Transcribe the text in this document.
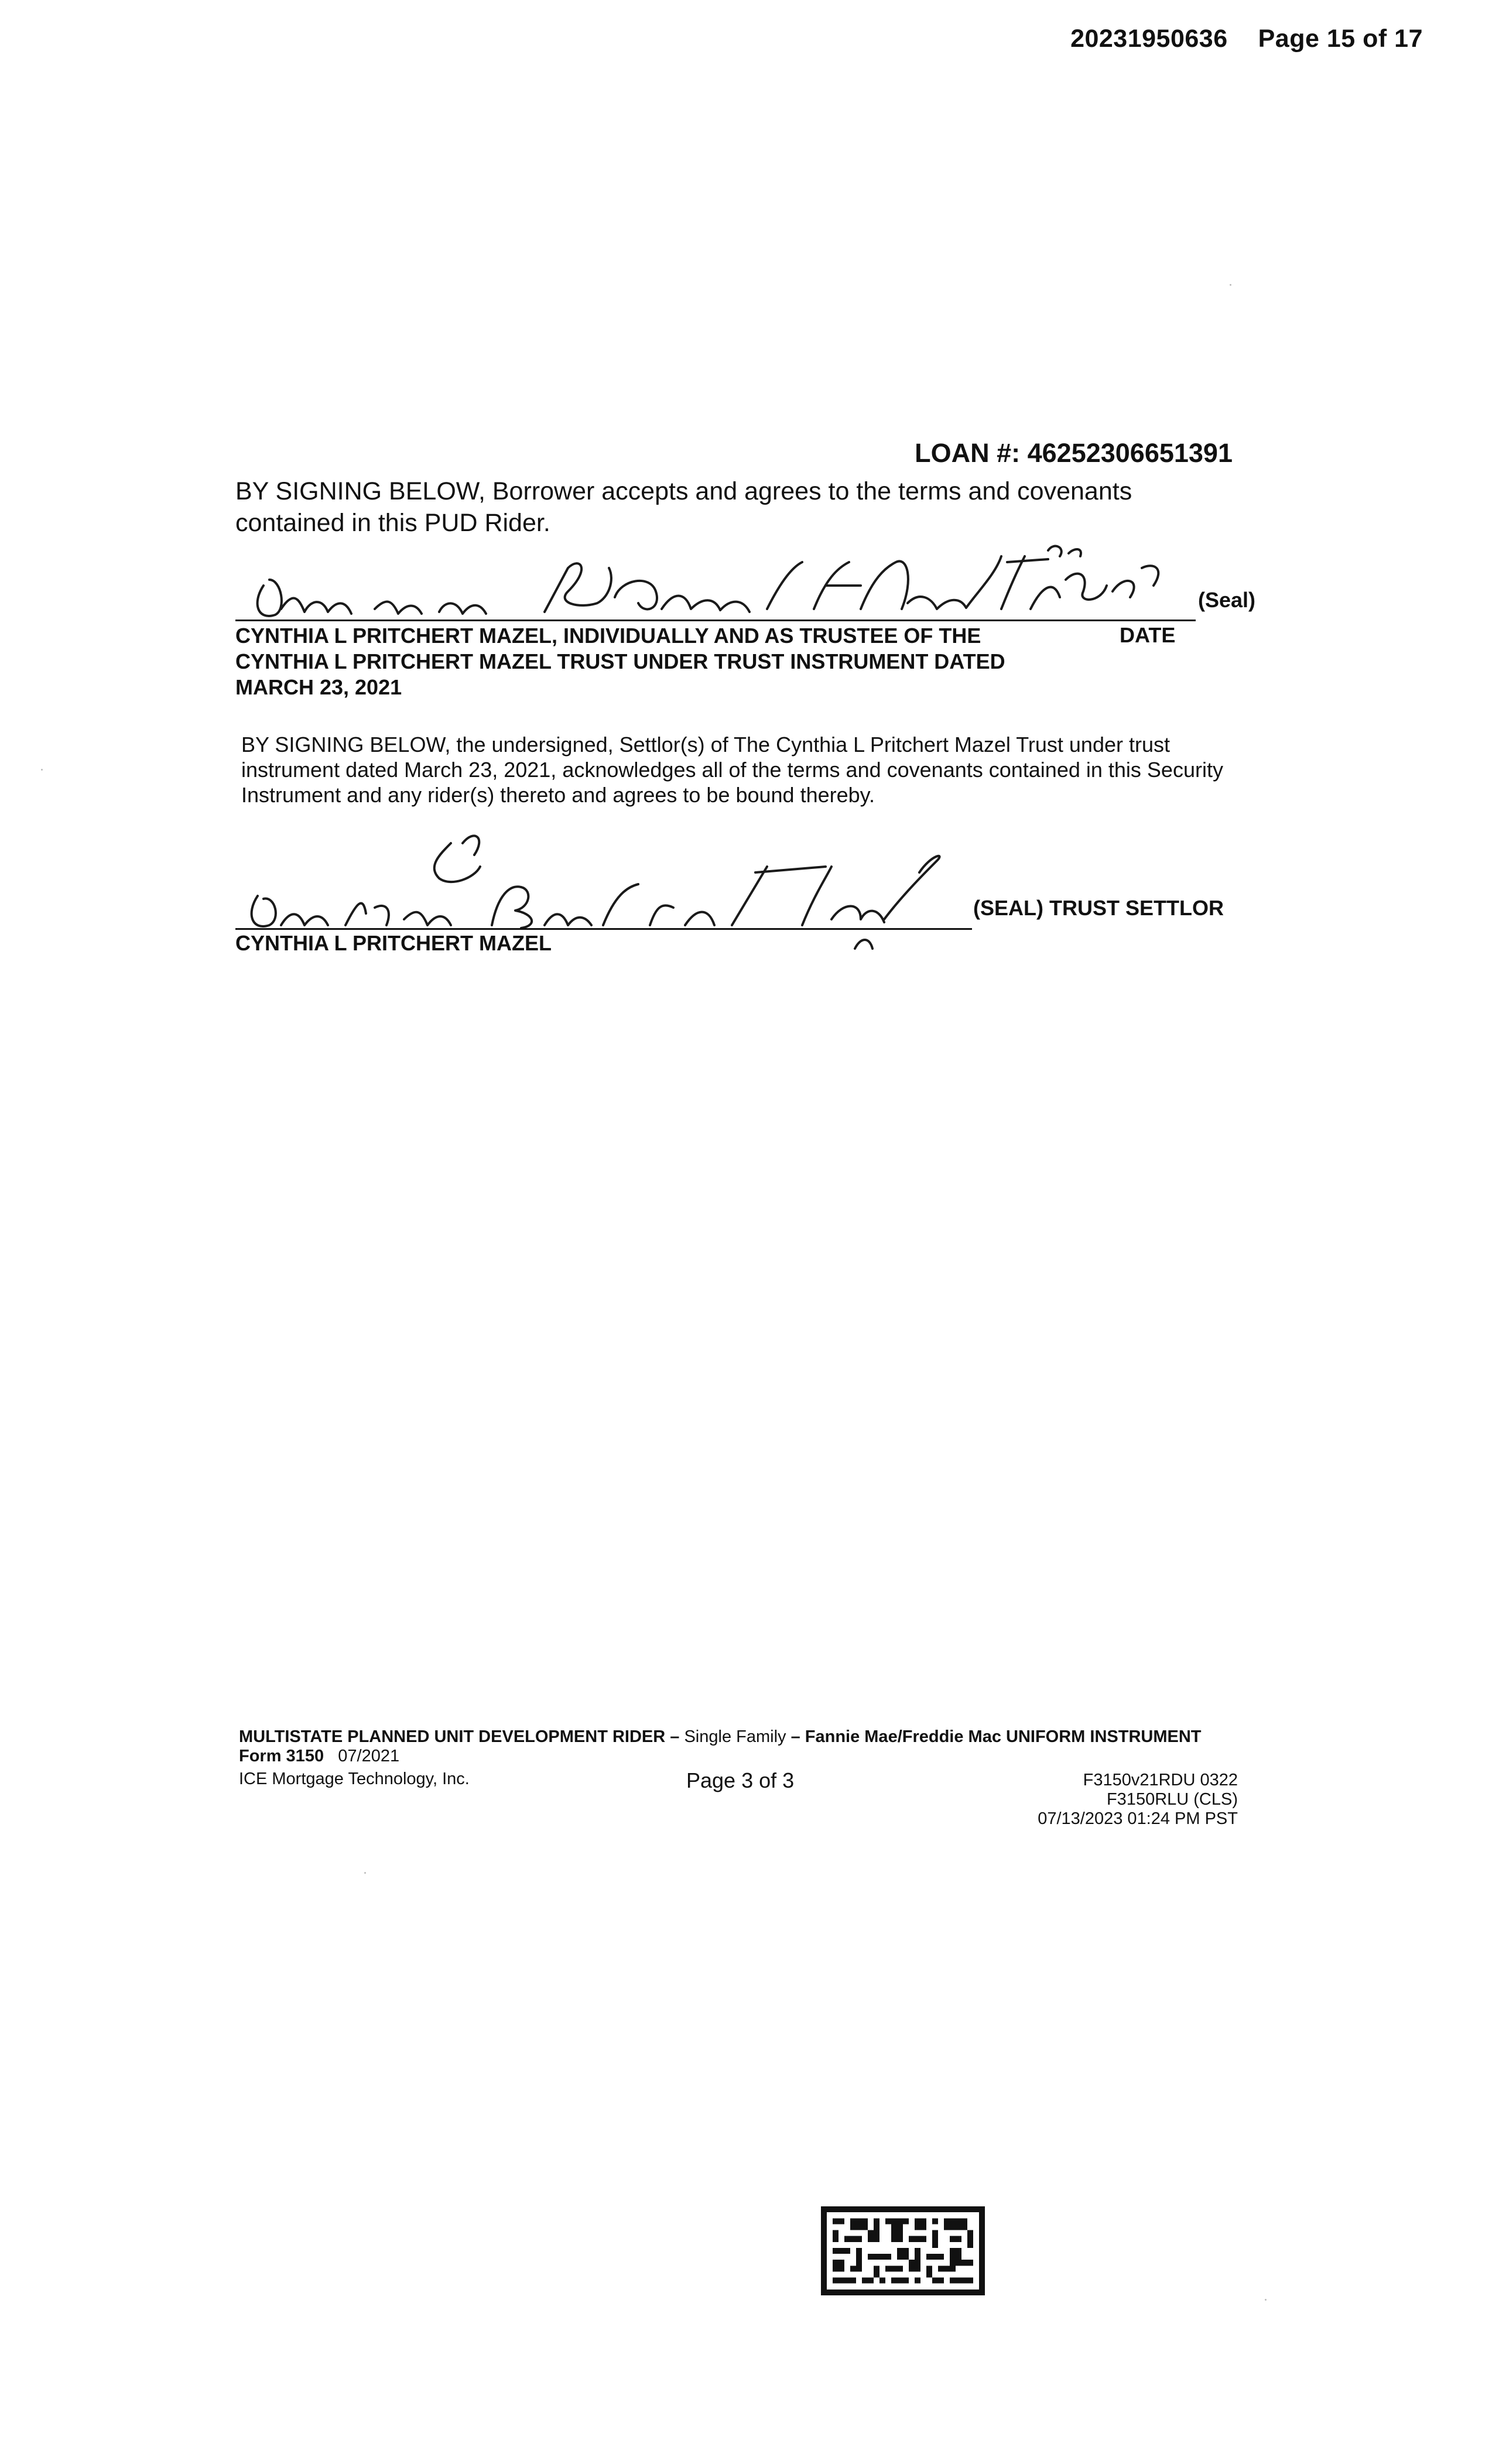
20231950636 Page 15 of 17
LOAN #: 46252306651391
BY SIGNING BELOW, Borrower accepts and agrees to the terms and covenants contained in this PUD Rider.
(Seal)
CYNTHIA L PRITCHERT MAZEL, INDIVIDUALLY AND AS TRUSTEE OF THE
CYNTHIA L PRITCHERT MAZEL TRUST UNDER TRUST INSTRUMENT DATED
MARCH 23, 2021
DATE
BY SIGNING BELOW, the undersigned, Settlor(s) of The Cynthia L Pritchert Mazel Trust under trust instrument dated March 23, 2021, acknowledges all of the terms and covenants contained in this Security Instrument and any rider(s) thereto and agrees to be bound thereby.
(SEAL) TRUST SETTLOR
CYNTHIA L PRITCHERT MAZEL
MULTISTATE PLANNED UNIT DEVELOPMENT RIDER – Single Family – Fannie Mae/Freddie Mac UNIFORM INSTRUMENT
Form 3150 07/2021
ICE Mortgage Technology, Inc.	Page 3 of 3	F3150v21RDU 0322
F3150RLU (CLS)
07/13/2023 01:24 PM PST
